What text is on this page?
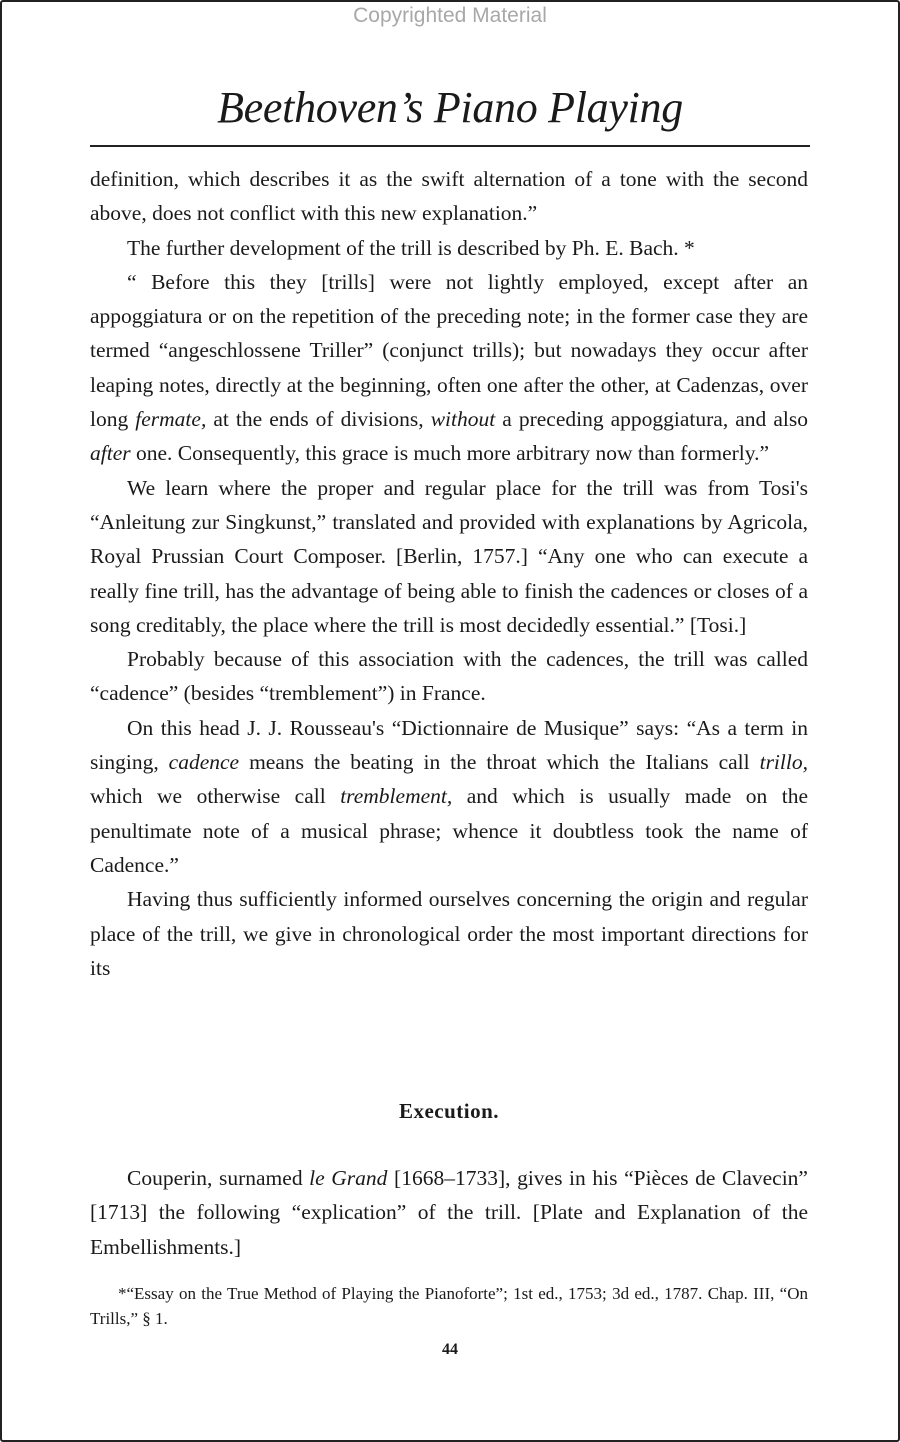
Copyrighted Material
Beethoven’s Piano Playing

definition, which describes it as the swift alternation of a tone with the second above, does not conflict with this new explanation.”

The further development of the trill is described by Ph. E. Bach. *

“ Before this they [trills] were not lightly employed, except after an appoggiatura or on the repetition of the preceding note; in the former case they are termed “angeschlossene Triller” (conjunct trills); but nowadays they occur after leaping notes, directly at the beginning, often one after the other, at Cadenzas, over long fermate, at the ends of divisions, without a preceding appoggiatura, and also after one. Consequently, this grace is much more arbitrary now than formerly.”

We learn where the proper and regular place for the trill was from Tosi's “Anleitung zur Singkunst,” translated and provided with explanations by Agricola, Royal Prussian Court Composer. [Berlin, 1757.] “Any one who can execute a really fine trill, has the advantage of being able to finish the cadences or closes of a song creditably, the place where the trill is most decidedly essential.” [Tosi.]

Probably because of this association with the cadences, the trill was called “cadence” (besides “tremblement”) in France.

On this head J. J. Rousseau's “Dictionnaire de Musique” says: “As a term in singing, cadence means the beating in the throat which the Italians call trillo, which we otherwise call tremblement, and which is usually made on the penultimate note of a musical phrase; whence it doubtless took the name of Cadence.”

Having thus sufficiently informed ourselves concerning the origin and regular place of the trill, we give in chronological order the most important directions for its

Execution.

Couperin, surnamed le Grand [1668–1733], gives in his “Pièces de Clavecin” [1713] the following “explication” of the trill. [Plate and Explanation of the Embellishments.]

*“Essay on the True Method of Playing the Pianoforte”; 1st ed., 1753; 3d ed., 1787. Chap. III, “On Trills,” § 1.

44
